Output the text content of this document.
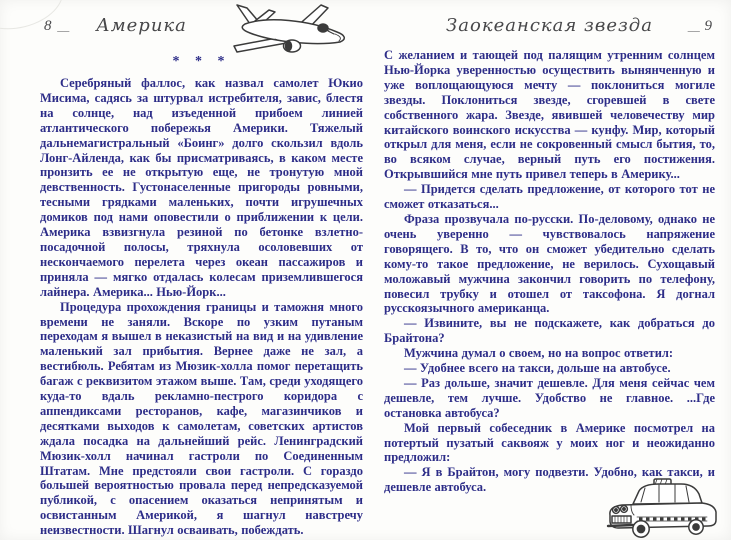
8 __	Америка
* * *

Серебряный фаллос, как назвал самолет Юкио Мисима, садясь за штурвал истребителя, завис, блестя на солнце, над изъеденной прибоем линией атлантического побережья Америки. Тяжелый дальнемагистральный «Боинг» долго скользил вдоль Лонг-Айленда, как бы присматриваясь, в каком месте пронзить ее не открытую еще, не тронутую мной девственность. Густонаселенные пригороды ровными, тесными грядками маленьких, почти игрушечных домиков под нами оповестили о приближении к цели. Америка взвизгнула резиной по бетонке взлетно-посадочной полосы, тряхнула осоловевших от нескончаемого перелета через океан пассажиров и приняла — мягко отдалась колесам приземлившегося лайнера. Америка... Нью-Йорк...

Процедура прохождения границы и таможня много времени не заняли. Вскоре по узким путаным переходам я вышел в неказистый на вид и на удивление маленький зал прибытия. Вернее даже не зал, а вестибюль. Ребятам из Мюзик-холла помог перетащить багаж с реквизитом этажом выше. Там, среди уходящего куда-то вдаль рекламно-пестрого коридора с аппендиксами ресторанов, кафе, магазинчиков и десятками выходов к самолетам, советских артистов ждала посадка на дальнейший рейс. Ленинградский Мюзик-холл начинал гастроли по Соединенным Штатам. Мне предстояли свои гастроли. С гораздо большей вероятностью провала перед непредсказуемой публикой, с опасением оказаться непринятым и освистанным Америкой, я шагнул навстречу неизвестности. Шагнул осваивать, побеждать.

Заокеанская звезда	__ 9

С желанием и тающей под палящим утренним солнцем Нью-Йорка уверенностью осуществить вынянченную и уже воплощающуюся мечту — поклониться могиле звезды. Поклониться звезде, сгоревшей в свете собственного жара. Звезде, явившей человечеству мир китайского воинского искусства — кунфу. Мир, который открыл для меня, если не сокровенный смысл бытия, то, во всяком случае, верный путь его постижения. Открывшийся мне путь привел теперь в Америку...

— Придется сделать предложение, от которого тот не сможет отказаться...

Фраза прозвучала по-русски. По-деловому, однако не очень уверенно — чувствовалось напряжение говорящего. В то, что он сможет убедительно сделать кому-то такое предложение, не верилось. Сухощавый моложавый мужчина закончил говорить по телефону, повесил трубку и отошел от таксофона. Я догнал русскоязычного американца.

— Извините, вы не подскажете, как добраться до Брайтона?

Мужчина думал о своем, но на вопрос ответил:

— Удобнее всего на такси, дольше на автобусе.

— Раз дольше, значит дешевле. Для меня сейчас чем дешевле, тем лучше. Удобство не главное. ...Где остановка автобуса?

Мой первый собеседник в Америке посмотрел на потертый пузатый саквояж у моих ног и неожиданно предложил:

— Я в Брайтон, могу подвезти. Удобно, как такси, и дешевле автобуса.
